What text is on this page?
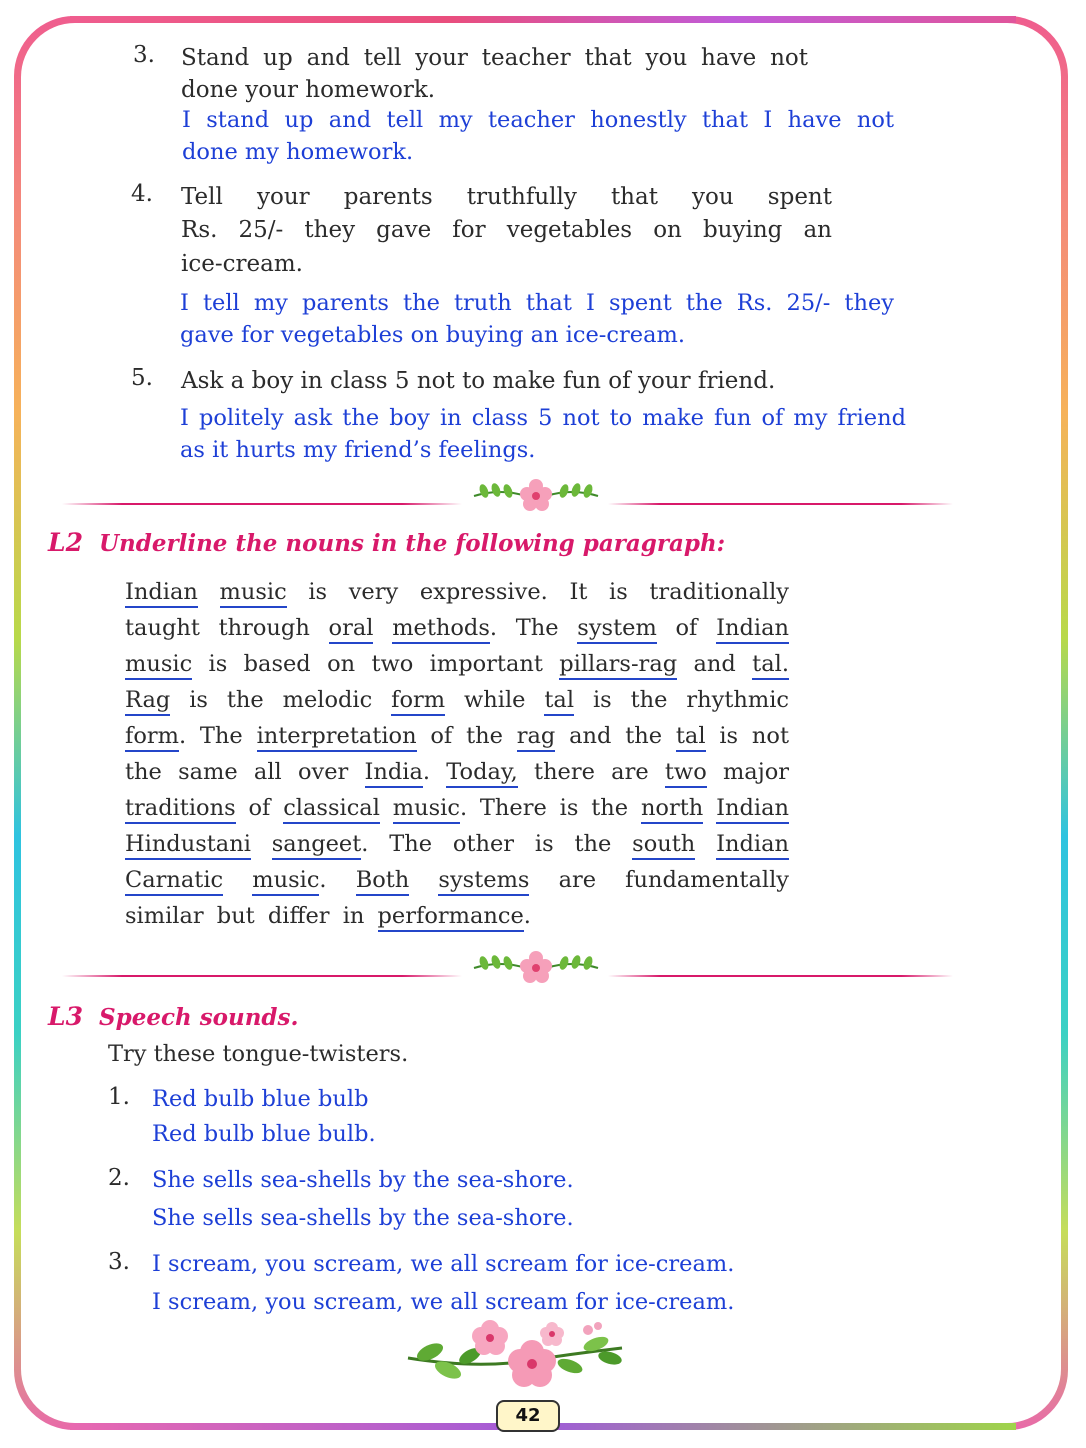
3. Stand up and tell your teacher that you have not
done your homework.
I stand up and tell my teacher honestly that I have not
done my homework.
4. Tell your parents truthfully that you spent
Rs. 25/- they gave for vegetables on buying an
ice-cream.
I tell my parents the truth that I spent the Rs. 25/- they
gave for vegetables on buying an ice-cream.
5. Ask a boy in class 5 not to make fun of your friend.
I politely ask the boy in class 5 not to make fun of my friend
as it hurts my friend’s feelings.
L2 Underline the nouns in the following paragraph:
Indian music is very expressive. It is traditionally
taught through oral methods. The system of Indian
music is based on two important pillars-rag and tal.
Rag is the melodic form while tal is the rhythmic
form. The interpretation of the rag and the tal is not
the same all over India. Today, there are two major
traditions of classical music. There is the north Indian
Hindustani sangeet. The other is the south Indian
Carnatic music. Both systems are fundamentally
similar but differ in performance.
L3 Speech sounds.
Try these tongue-twisters.
1. Red bulb blue bulb
Red bulb blue bulb.
2. She sells sea-shells by the sea-shore.
She sells sea-shells by the sea-shore.
3. I scream, you scream, we all scream for ice-cream.
I scream, you scream, we all scream for ice-cream.
42
